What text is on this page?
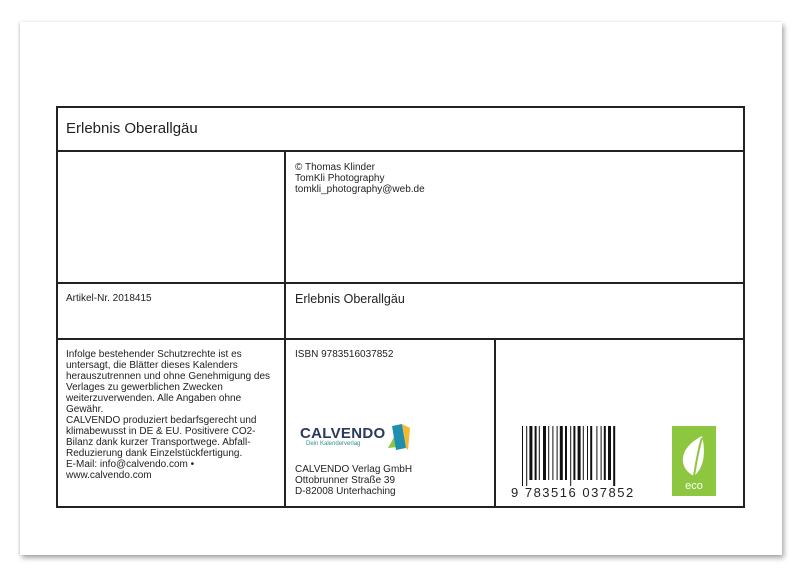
Erlebnis Oberallgäu
© Thomas Klinder
TomKli Photography
tomkli_photography@web.de
Artikel-Nr. 2018415	Erlebnis Oberallgäu
Infolge bestehender Schutzrechte ist es
untersagt, die Blätter dieses Kalenders
herauszutrennen und ohne Genehmigung des
Verlages zu gewerblichen Zwecken
weiterzuverwenden. Alle Angaben ohne
Gewähr.
CALVENDO produziert bedarfsgerecht und
klimabewusst in DE & EU. Positivere CO2-
Bilanz dank kurzer Transportwege. Abfall-
Reduzierung dank Einzelstückfertigung.
E-Mail: info@calvendo.com •
www.calvendo.com
ISBN 9783516037852
CALVENDO
Dein Kalenderverlag
CALVENDO Verlag GmbH
Ottobrunner Straße 39
D-82008 Unterhaching	9 783516 037852	eco
